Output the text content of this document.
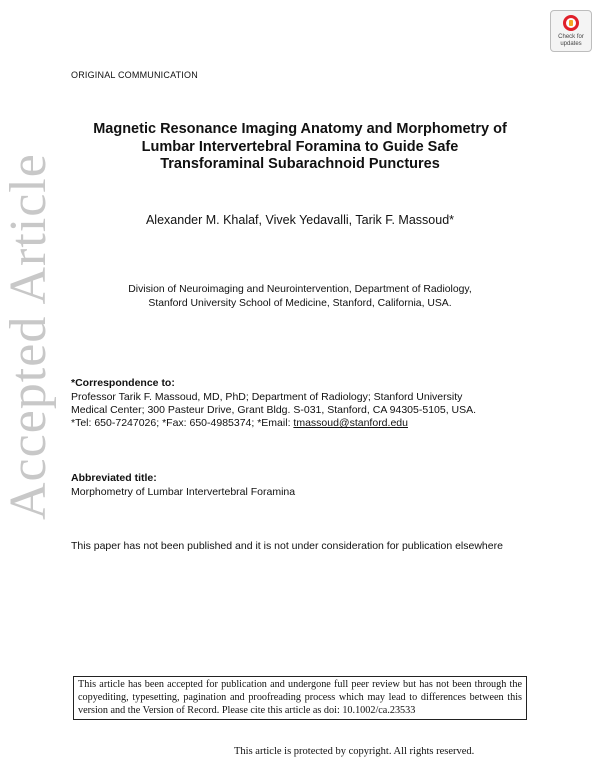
Accepted Article
Check for
updates
ORIGINAL COMMUNICATION
Magnetic Resonance Imaging Anatomy and Morphometry of
Lumbar Intervertebral Foramina to Guide Safe
Transforaminal Subarachnoid Punctures
Alexander M. Khalaf, Vivek Yedavalli, Tarik F. Massoud*
Division of Neuroimaging and Neurointervention, Department of Radiology,
Stanford University School of Medicine, Stanford, California, USA.
*Correspondence to:
Professor Tarik F. Massoud, MD, PhD; Department of Radiology; Stanford University
Medical Center; 300 Pasteur Drive, Grant Bldg. S-031, Stanford, CA 94305-5105, USA.
*Tel: 650-7247026; *Fax: 650-4985374; *Email: tmassoud@stanford.edu
Abbreviated title:
Morphometry of Lumbar Intervertebral Foramina
This paper has not been published and it is not under consideration for publication elsewhere
This article has been accepted for publication and undergone full peer review but has not been through the copyediting, typesetting, pagination and proofreading process which may lead to differences between this version and the Version of Record. Please cite this article as doi: 10.1002/ca.23533
This article is protected by copyright. All rights reserved.
